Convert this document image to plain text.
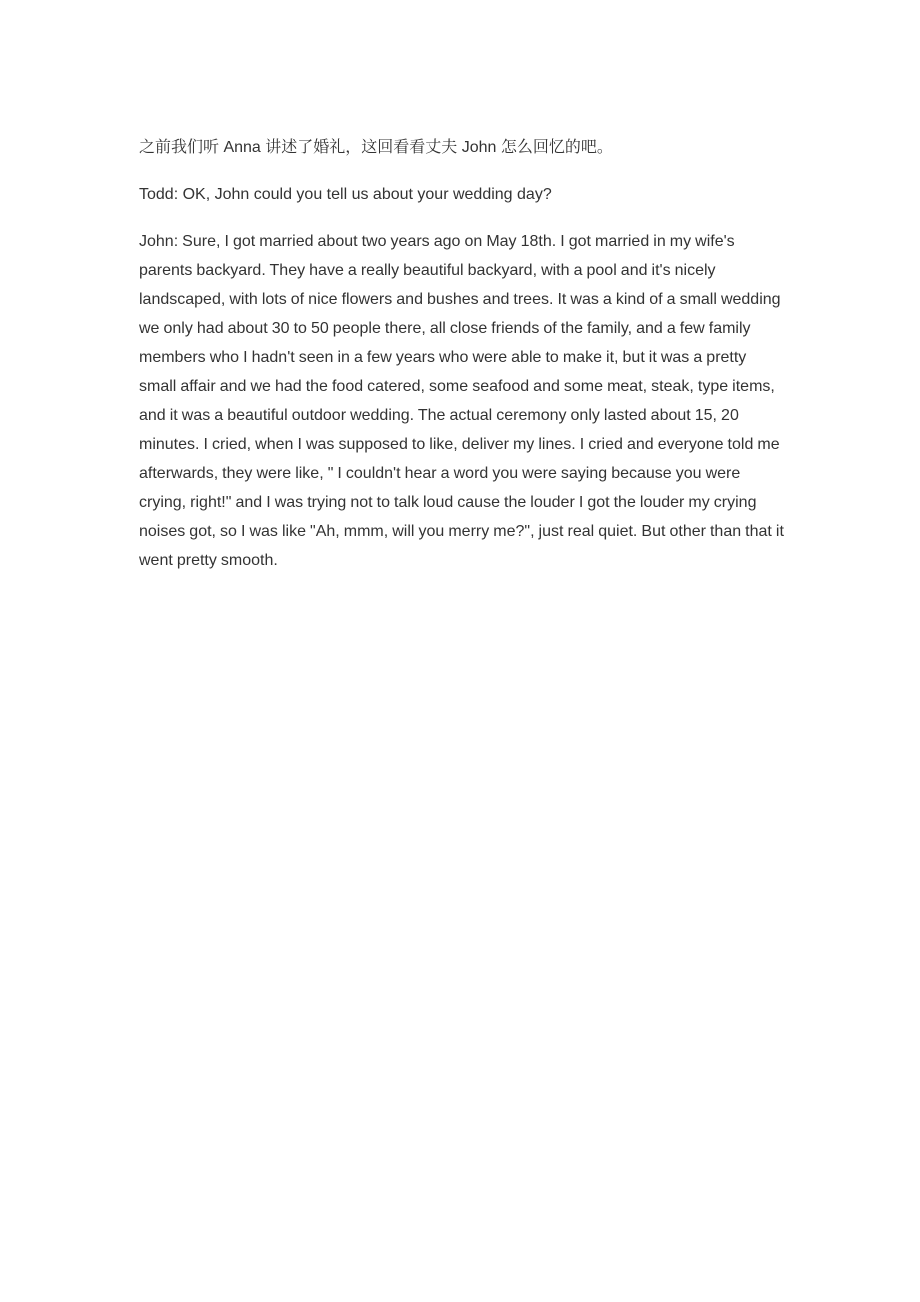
之前我们听 Anna 讲述了婚礼，这回看看丈夫 John 怎么回忆的吧。

Todd: OK, John could you tell us about your wedding day?

John: Sure, I got married about two years ago on May 18th. I got married in my wife's parents backyard. They have a really beautiful backyard, with a pool and it's nicely landscaped, with lots of nice flowers and bushes and trees. It was a kind of a small wedding we only had about 30 to 50 people there, all close friends of the family, and a few family members who I hadn't seen in a few years who were able to make it, but it was a pretty small affair and we had the food catered, some seafood and some meat, steak, type items, and it was a beautiful outdoor wedding. The actual ceremony only lasted about 15, 20 minutes. I cried, when I was supposed to like, deliver my lines. I cried and everyone told me afterwards, they were like, " I couldn't hear a word you were saying because you were crying, right!" and I was trying not to talk loud cause the louder I got the louder my crying noises got, so I was like "Ah, mmm, will you merry me?", just real quiet. But other than that it went pretty smooth.
